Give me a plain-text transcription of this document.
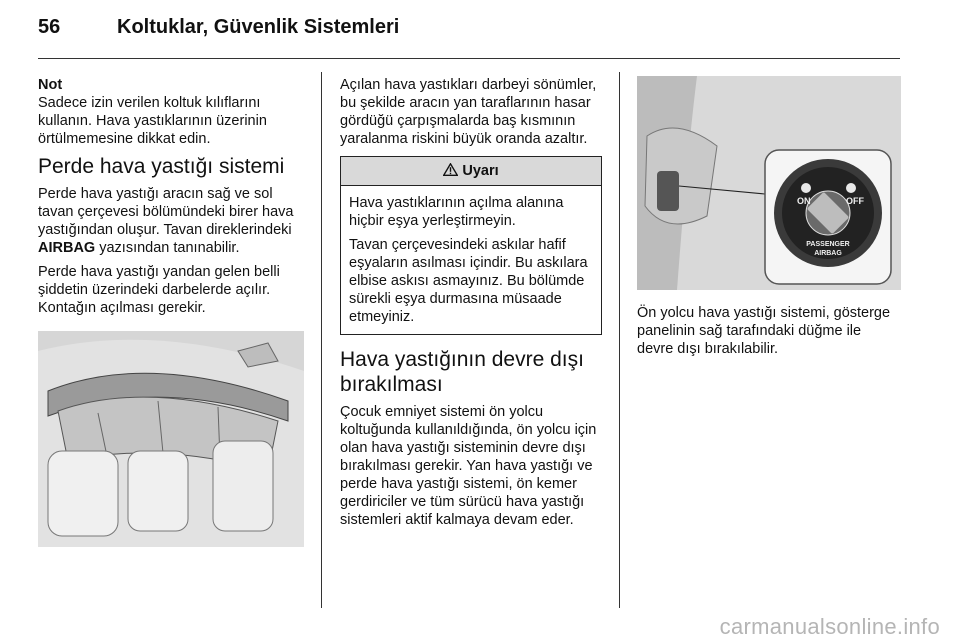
56	Koltuklar, Güvenlik Sistemleri

Not

Sadece izin verilen koltuk kılıflarını kullanın. Hava yastıklarının üzerinin örtülmemesine dikkat edin.

Perde hava yastığı sistemi

Perde hava yastığı aracın sağ ve sol tavan çerçevesi bölümündeki birer hava yastığından oluşur. Tavan direklerindeki AIRBAG yazısından tanınabilir.

Perde hava yastığı yandan gelen belli şiddetin üzerindeki darbelerde açılır. Kontağın açılması gerekir.

Açılan hava yastıkları darbeyi sönümler, bu şekilde aracın yan taraflarının hasar gördüğü çarpışmalarda baş kısmının yaralanma riskini büyük oranda azaltır.

Uyarı

Hava yastıklarının açılma alanına hiçbir eşya yerleştirmeyin.

Tavan çerçevesindeki askılar hafif eşyaların asılması içindir. Bu askılara elbise askısı asmayınız. Bu bölümde sürekli eşya durmasına müsaade etmeyiniz.

Hava yastığının devre dışı bırakılması

Çocuk emniyet sistemi ön yolcu koltuğunda kullanıldığında, ön yolcu için olan hava yastığı sisteminin devre dışı bırakılması gerekir. Yan hava yastığı ve perde hava yastığı sistemi, ön kemer gerdiriciler ve tüm sürücü hava yastığı sistemleri aktif kalmaya devam eder.

ON	OFF
PASSENGER
AIRBAG

Ön yolcu hava yastığı sistemi, gösterge panelinin sağ tarafındaki düğme ile devre dışı bırakılabilir.

carmanualsonline.info
